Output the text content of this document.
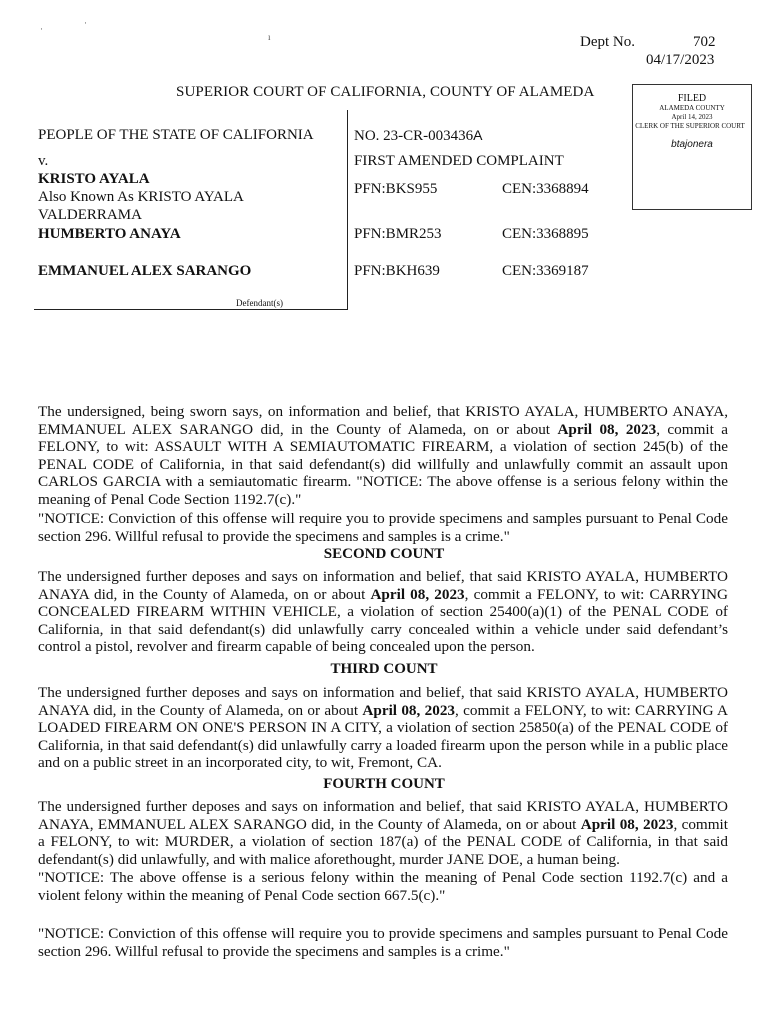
·
·
ı	Dept No.	702
04/17/2023
SUPERIOR COURT OF CALIFORNIA, COUNTY OF ALAMEDA	FILED
ALAMEDA COUNTY
April 14, 2023
CLERK OF THE SUPERIOR COURT
btajonera
PEOPLE OF THE STATE OF CALIFORNIA
v.
KRISTO AYALA
Also Known As KRISTO AYALA
VALDERRAMA
HUMBERTO ANAYA
EMMANUEL ALEX SARANGO
Defendant(s)
NO. 23-CR-003436A
FIRST AMENDED COMPLAINT
PFN:BKS955	CEN:3368894
PFN:BMR253	CEN:3368895
PFN:BKH639	CEN:3369187
The undersigned, being sworn says, on information and belief, that KRISTO AYALA, HUMBERTO ANAYA, EMMANUEL ALEX SARANGO did, in the County of Alameda, on or about April 08, 2023, commit a FELONY, to wit: ASSAULT WITH A SEMIAUTOMATIC FIREARM, a violation of section 245(b) of the PENAL CODE of California, in that said defendant(s) did willfully and unlawfully commit an assault upon CARLOS GARCIA with a semiautomatic firearm. "NOTICE: The above offense is a serious felony within the meaning of Penal Code Section 1192.7(c)."
"NOTICE: Conviction of this offense will require you to provide specimens and samples pursuant to Penal Code section 296. Willful refusal to provide the specimens and samples is a crime."
SECOND COUNT
The undersigned further deposes and says on information and belief, that said KRISTO AYALA, HUMBERTO ANAYA did, in the County of Alameda, on or about April 08, 2023, commit a FELONY, to wit: CARRYING CONCEALED FIREARM WITHIN VEHICLE, a violation of section 25400(a)(1) of the PENAL CODE of California, in that said defendant(s) did unlawfully carry concealed within a vehicle under said defendant’s control a pistol, revolver and firearm capable of being concealed upon the person.
THIRD COUNT
The undersigned further deposes and says on information and belief, that said KRISTO AYALA, HUMBERTO ANAYA did, in the County of Alameda, on or about April 08, 2023, commit a FELONY, to wit: CARRYING A LOADED FIREARM ON ONE'S PERSON IN A CITY, a violation of section 25850(a) of the PENAL CODE of California, in that said defendant(s) did unlawfully carry a loaded firearm upon the person while in a public place and on a public street in an incorporated city, to wit, Fremont, CA.
FOURTH COUNT
The undersigned further deposes and says on information and belief, that said KRISTO AYALA, HUMBERTO ANAYA, EMMANUEL ALEX SARANGO did, in the County of Alameda, on or about April 08, 2023, commit a FELONY, to wit: MURDER, a violation of section 187(a) of the PENAL CODE of California, in that said defendant(s) did unlawfully, and with malice aforethought, murder JANE DOE, a human being.
"NOTICE: The above offense is a serious felony within the meaning of Penal Code section 1192.7(c) and a violent felony within the meaning of Penal Code section 667.5(c)."
"NOTICE: Conviction of this offense will require you to provide specimens and samples pursuant to Penal Code section 296. Willful refusal to provide the specimens and samples is a crime."
